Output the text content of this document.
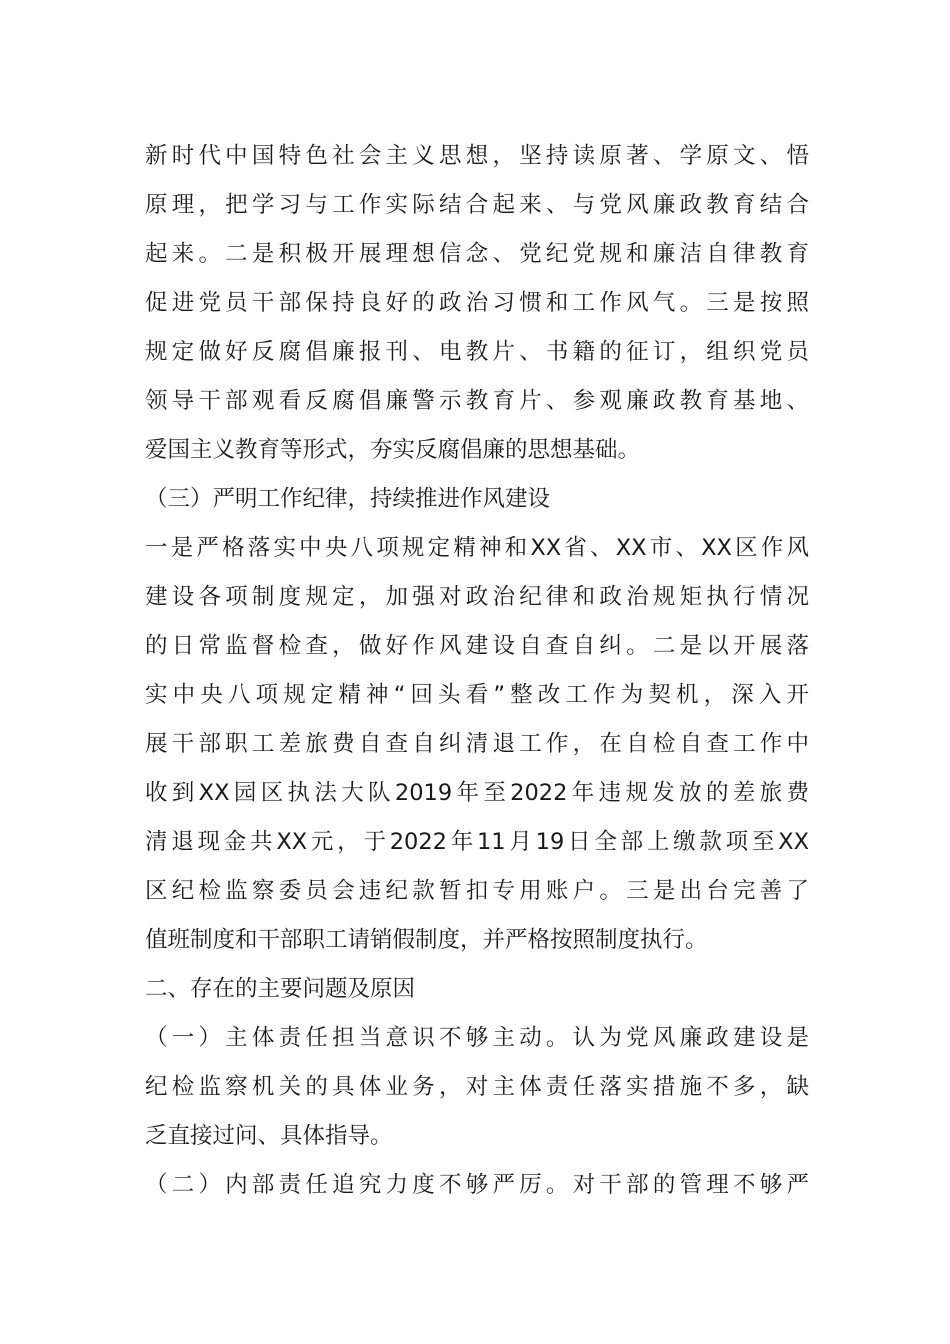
新时代中国特色社会主义思想，坚持读原著、学原文、悟
原理，把学习与工作实际结合起来、与党风廉政教育结合
起来。二是积极开展理想信念、党纪党规和廉洁自律教育
促进党员干部保持良好的政治习惯和工作风气。三是按照
规定做好反腐倡廉报刊、电教片、书籍的征订，组织党员
领导干部观看反腐倡廉警示教育片、参观廉政教育基地、
爱国主义教育等形式，夯实反腐倡廉的思想基础。
（三）严明工作纪律，持续推进作风建设
一是严格落实中央八项规定精神和XX省、XX市、XX区作风
建设各项制度规定，加强对政治纪律和政治规矩执行情况
的日常监督检查，做好作风建设自查自纠。二是以开展落
实中央八项规定精神“回头看”整改工作为契机，深入开
展干部职工差旅费自查自纠清退工作，在自检自查工作中
收到XX园区执法大队2019年至2022年违规发放的差旅费
清退现金共XX元，于2022年11月19日全部上缴款项至XX
区纪检监察委员会违纪款暂扣专用账户。三是出台完善了
值班制度和干部职工请销假制度，并严格按照制度执行。
二、存在的主要问题及原因
（一）主体责任担当意识不够主动。认为党风廉政建设是
纪检监察机关的具体业务，对主体责任落实措施不多，缺
乏直接过问、具体指导。
（二）内部责任追究力度不够严厉。对干部的管理不够严
